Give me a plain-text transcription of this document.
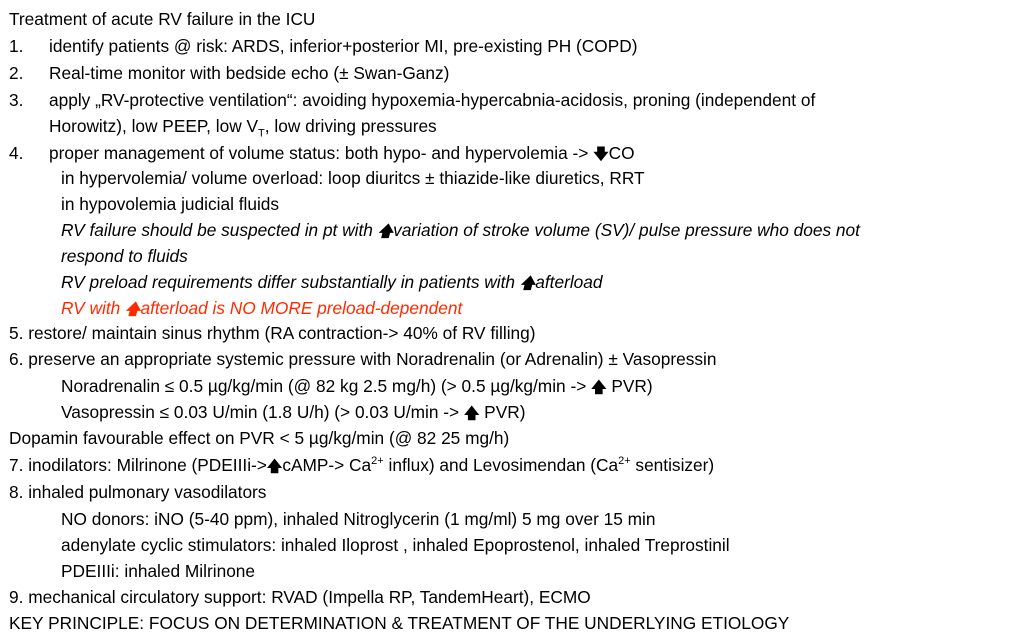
Treatment of acute RV failure in the ICU
1. identify patients @ risk: ARDS, inferior+posterior MI, pre-existing PH (COPD)
2. Real-time monitor with bedside echo (± Swan-Ganz)
3. apply „RV-protective ventilation“: avoiding hypoxemia-hypercabnia-acidosis, proning (independent of
Horowitz), low PEEP, low $V_T$, low driving pressures
4. proper management of volume status: both hypo- and hypervolemia -> 🡇CO
in hypervolemia/ volume overload: loop diuritcs ± thiazide-like diuretics, RRT
in hypovolemia judicial fluids
RV failure should be suspected in pt with 🡅variation of stroke volume (SV)/ pulse pressure who does not
respond to fluids
RV preload requirements differ substantially in patients with 🡅afterload
RV with 🡅afterload is NO MORE preload-dependent
5. restore/ maintain sinus rhythm (RA contraction-> 40% of RV filling)
6. preserve an appropriate systemic pressure with Noradrenalin (or Adrenalin) ± Vasopressin
Noradrenalin ≤ 0.5 µg/kg/min (@ 82 kg 2.5 mg/h) (> 0.5 µg/kg/min -> 🡅 PVR)
Vasopressin ≤ 0.03 U/min (1.8 U/h) (> 0.03 U/min -> 🡅 PVR)
Dopamin favourable effect on PVR < 5 µg/kg/min (@ 82 25 mg/h)
7. inodilators: Milrinone (PDEIIIi->🡅cAMP-> $Ca^{2+}$ influx) and Levosimendan ($Ca^{2+}$ sentisizer)
8. inhaled pulmonary vasodilators
NO donors: iNO (5-40 ppm), inhaled Nitroglycerin (1 mg/ml) 5 mg over 15 min
adenylate cyclic stimulators: inhaled Iloprost , inhaled Epoprostenol, inhaled Treprostinil
PDEIIIi: inhaled Milrinone
9. mechanical circulatory support: RVAD (Impella RP, TandemHeart), ECMO
KEY PRINCIPLE: FOCUS ON DETERMINATION & TREATMENT OF THE UNDERLYING ETIOLOGY
